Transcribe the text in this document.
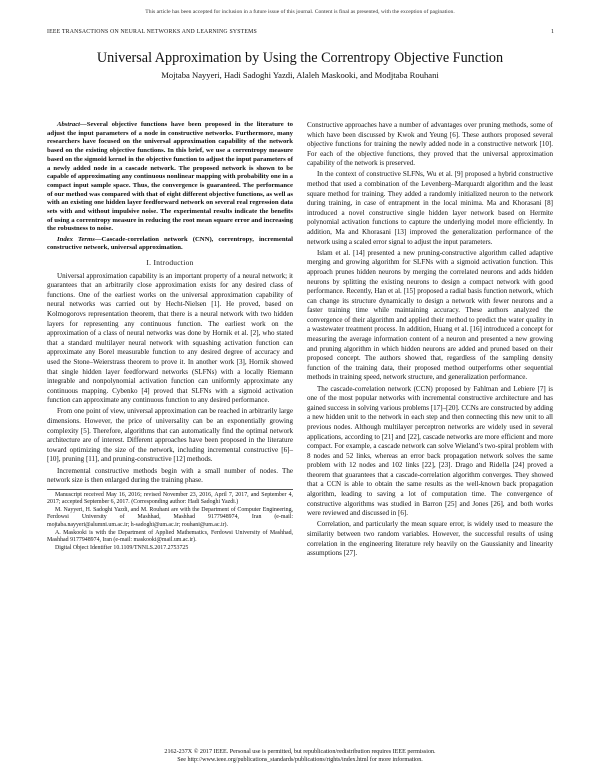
This article has been accepted for inclusion in a future issue of this journal. Content is final as presented, with the exception of pagination.
IEEE TRANSACTIONS ON NEURAL NETWORKS AND LEARNING SYSTEMS	1
Universal Approximation by Using the Correntropy Objective Function
Mojtaba Nayyeri, Hadi Sadoghi Yazdi, Alaleh Maskooki, and Modjtaba Rouhani

Abstract—Several objective functions have been proposed in the literature to adjust the input parameters of a node in constructive networks. Furthermore, many researchers have focused on the universal approximation capability of the network based on the existing objective functions. In this brief, we use a correntropy measure based on the sigmoid kernel in the objective function to adjust the input parameters of a newly added node in a cascade network. The proposed network is shown to be capable of approximating any continuous nonlinear mapping with probability one in a compact input sample space. Thus, the convergence is guaranteed. The performance of our method was compared with that of eight different objective functions, as well as with an existing one hidden layer feedforward network on several real regression data sets with and without impulsive noise. The experimental results indicate the benefits of using a correntropy measure in reducing the root mean square error and increasing the robustness to noise.

Index Terms—Cascade-correlation network (CNN), correntropy, incremental constructive network, universal approximation.

I. Introduction

Universal approximation capability is an important property of a neural network; it guarantees that an arbitrarily close approximation exists for any desired class of functions. One of the earliest works on the universal approximation capability of neural networks was carried out by Hecht-Nielsen [1]. He proved, based on Kolmogorovs representation theorem, that there is a neural network with two hidden layers for representing any continuous function. The earliest work on the approximation of a class of neural networks was done by Hornik et al. [2], who stated that a standard multilayer neural network with squashing activation function can approximate any Borel measurable function to any desired degree of accuracy and used the Stone–Weierstrass theorem to prove it. In another work [3], Hornik showed that single hidden layer feedforward networks (SLFNs) with a locally Riemann integrable and nonpolynomial activation function can uniformly approximate any continuous mapping. Cybenko [4] proved that SLFNs with a sigmoid activation function can approximate any continuous function to any desired performance.

From one point of view, universal approximation can be reached in arbitrarily large dimensions. However, the price of universality can be an exponentially growing complexity [5]. Therefore, algorithms that can automatically find the optimal network architecture are of interest. Different approaches have been proposed in the literature toward optimizing the size of the network, including incremental constructive [6]–[10], pruning [11], and pruning-constructive [12] methods.

Incremental constructive methods begin with a small number of nodes. The network size is then enlarged during the training phase.

Manuscript received May 16, 2016; revised November 23, 2016, April 7, 2017, and September 4, 2017; accepted September 6, 2017. (Corresponding author: Hadi Sadoghi Yazdi.)

M. Nayyeri, H. Sadoghi Yazdi, and M. Rouhani are with the Department of Computer Engineering, Ferdowsi University of Mashhad, Mashhad 9177948974, Iran (e-mail: mojtaba.nayyeri@alumni.um.ac.ir; h-sadoghi@um.ac.ir; rouhani@um.ac.ir).

A. Maskooki is with the Department of Applied Mathematics, Ferdowsi University of Mashhad, Mashhad 9177948974, Iran (e-mail: maskooki@mail.um.ac.ir).

Digital Object Identifier 10.1109/TNNLS.2017.2753725

Constructive approaches have a number of advantages over pruning methods, some of which have been discussed by Kwok and Yeung [6]. These authors proposed several objective functions for training the newly added node in a constructive network [10]. For each of the objective functions, they proved that the universal approximation capability of the network is preserved.

In the context of constructive SLFNs, Wu et al. [9] proposed a hybrid constructive method that used a combination of the Levenberg–Marquardt algorithm and the least square method for training. They added a randomly initialized neuron to the network during training, in case of entrapment in the local minima. Ma and Khorasani [8] introduced a novel constructive single hidden layer network based on Hermite polynomial activation functions to capture the underlying model more efficiently. In addition, Ma and Khorasani [13] improved the generalization performance of the network using a scaled error signal to adjust the input parameters.

Islam et al. [14] presented a new pruning-constructive algorithm called adaptive merging and growing algorithm for SLFNs with a sigmoid activation function. This approach prunes hidden neurons by merging the correlated neurons and adds hidden neurons by splitting the existing neurons to design a compact network with good performance. Recently, Han et al. [15] proposed a radial basis function network, which can change its structure dynamically to design a network with fewer neurons and a faster training time while maintaining accuracy. These authors analyzed the convergence of their algorithm and applied their method to predict the water quality in a wastewater treatment process. In addition, Huang et al. [16] introduced a concept for measuring the average information content of a neuron and presented a new growing and pruning algorithm in which hidden neurons are added and pruned based on their proposed concept. The authors showed that, regardless of the sampling density function of the training data, their proposed method outperforms other sequential methods in training speed, network structure, and generalization performance.

The cascade-correlation network (CCN) proposed by Fahlman and Lebiere [7] is one of the most popular networks with incremental constructive architecture and has gained success in solving various problems [17]–[20]. CCNs are constructed by adding a new hidden unit to the network in each step and then connecting this new unit to all previous nodes. Although multilayer perceptron networks are widely used in several applications, according to [21] and [22], cascade networks are more efficient and more compact. For example, a cascade network can solve Wieland’s two-spiral problem with 8 nodes and 52 links, whereas an error back propagation network solves the same problem with 12 nodes and 102 links [22], [23]. Drago and Ridella [24] proved a theorem that guarantees that a cascade-correlation algorithm converges. They showed that a CCN is able to obtain the same results as the well-known back propagation algorithm, leading to saving a lot of computation time. The convergence of constructive algorithms was studied in Barron [25] and Jones [26], and both works were reviewed and discussed in [6].

Correlation, and particularly the mean square error, is widely used to measure the similarity between two random variables. However, the successful results of using correlation in the engineering literature rely heavily on the Gaussianity and linearity assumptions [27].

2162-237X © 2017 IEEE. Personal use is permitted, but republication/redistribution requires IEEE permission.
See http://www.ieee.org/publications_standards/publications/rights/index.html for more information.
